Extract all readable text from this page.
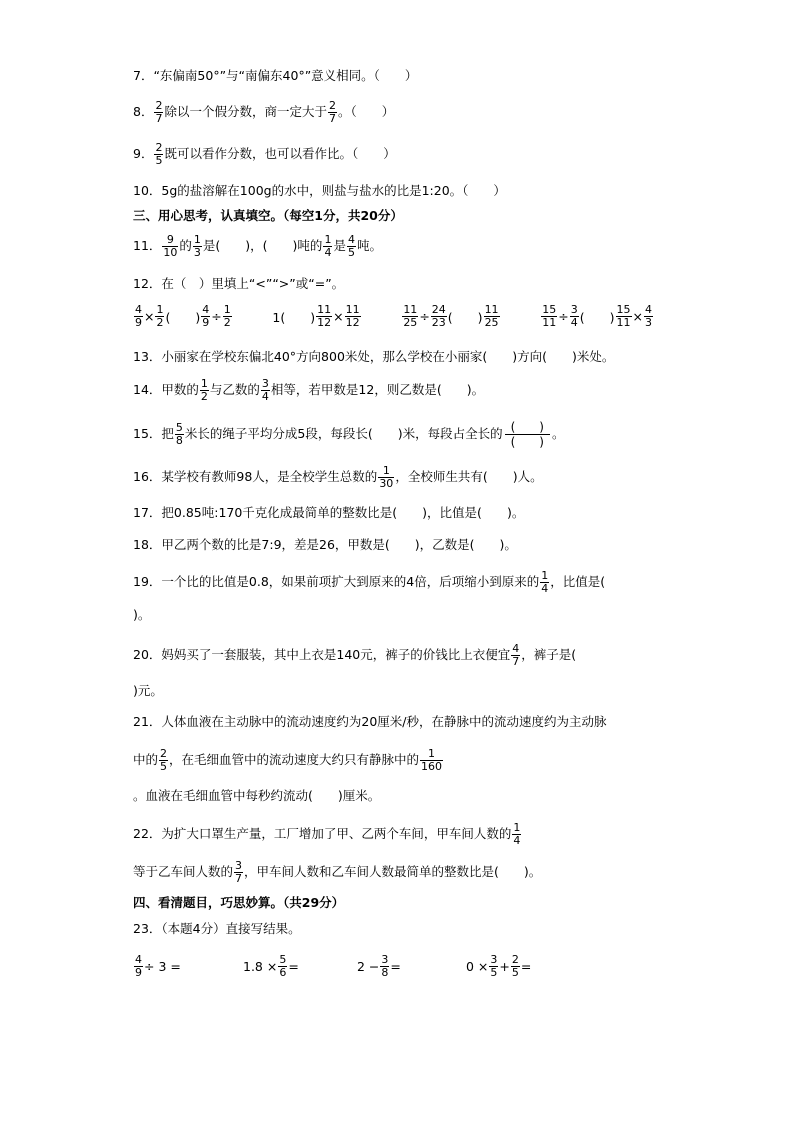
7．“东偏南50°”与“南偏东40°”意义相同。（　　）
8． $\frac{2}{7}$ 除以一个假分数，商一定大于 $\frac{2}{7}$ 。（　　）
9． $\frac{2}{5}$ 既可以看作分数，也可以看作比。（　　）
10．5g的盐溶解在100g的水中，则盐与盐水的比是1:20。（　　）
三、用心思考，认真填空。（每空1分，共20分）
11． $\frac{9}{10}$ 的 $\frac{1}{3}$ 是(　　)，(　　)吨的 $\frac{1}{4}$ 是 $\frac{4}{5}$ 吨。
12．在（　）里填上“<”“>”或“=”。
$\frac{4}{9} \times \frac{1}{2}$ (　　) $\frac{4}{9} \div \frac{1}{2}$	1(　　) $\frac{11}{12} \times \frac{11}{12}$	$\frac{11}{25} \div \frac{24}{23}$ (　　) $\frac{11}{25}$	$\frac{15}{11} \div \frac{3}{4}$ (　　) $\frac{15}{11} \times \frac{4}{3}$
13．小丽家在学校东偏北40°方向800米处，那么学校在小丽家(　　)方向(　　)米处。
14．甲数的 $\frac{1}{2}$ 与乙数的 $\frac{3}{4}$ 相等，若甲数是12，则乙数是(　　)。
15．把 $\frac{5}{8}$ 米长的绳子平均分成5段，每段长(　　)米，每段占全长的 $\frac{( )}{( )}$ 。
16．某学校有教师98人，是全校学生总数的 $\frac{1}{30}$ ，全校师生共有(　　)人。
17．把0.85吨:170千克化成最简单的整数比是(　　)，比值是(　　)。
18．甲乙两个数的比是7:9，差是26，甲数是(　　)，乙数是(　　)。
19．一个比的比值是0.8，如果前项扩大到原来的4倍，后项缩小到原来的 $\frac{1}{4}$ ，比值是(
)。
20．妈妈买了一套服装，其中上衣是140元，裤子的价钱比上衣便宜 $\frac{4}{7}$ ，裤子是(
)元。
21．人体血液在主动脉中的流动速度约为20厘米/秒，在静脉中的流动速度约为主动脉
中的 $\frac{2}{5}$ ，在毛细血管中的流动速度大约只有静脉中的 $\frac{1}{160}$
。血液在毛细血管中每秒约流动(　　)厘米。
22．为扩大口罩生产量，工厂增加了甲、乙两个车间，甲车间人数的 $\frac{1}{4}$
等于乙车间人数的 $\frac{3}{7}$ ，甲车间人数和乙车间人数最简单的整数比是(　　)。
四、看清题目，巧思妙算。（共29分）
23．（本题4分）直接写结果。
$\frac{4}{9} \div 3$ =	$1.8 \times \frac{5}{6}$ =	$2 - \frac{3}{8}$ =	$0 \times \frac{3}{5} + \frac{2}{5}$ =
